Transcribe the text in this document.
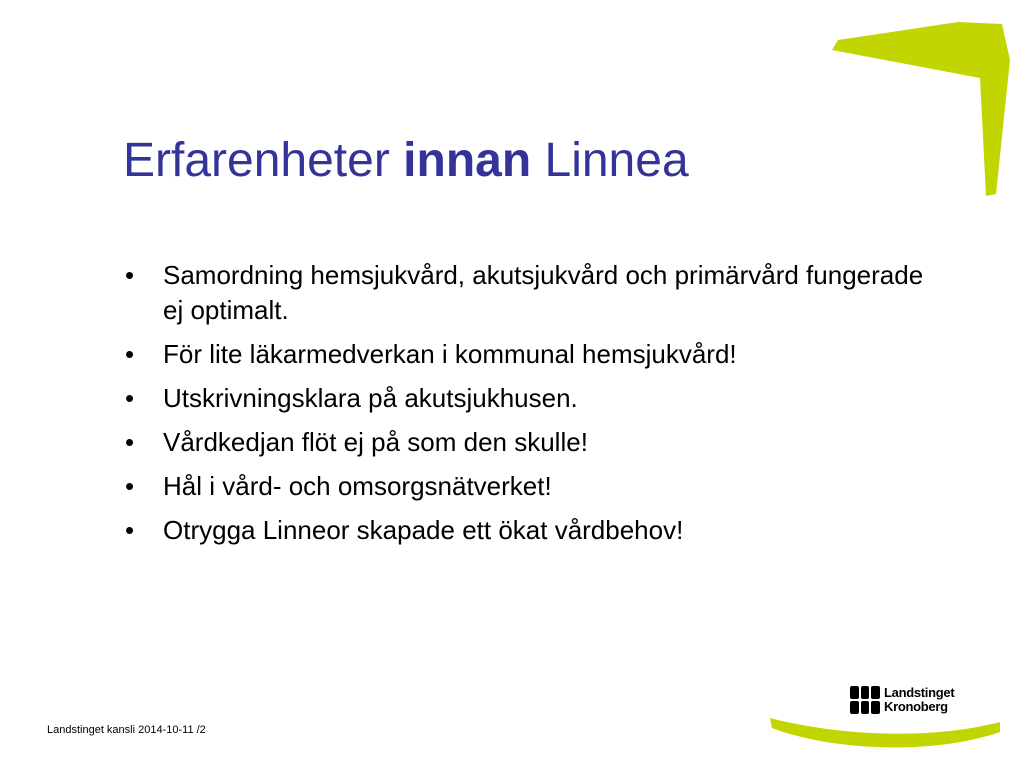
Erfarenheter innan Linnea
• Samordning hemsjukvård, akutsjukvård och primärvård fungerade ej optimalt.
• För lite läkarmedverkan i kommunal hemsjukvård!
• Utskrivningsklara på akutsjukhusen.
• Vårdkedjan flöt ej på som den skulle!
• Hål i vård- och omsorgsnätverket!
• Otrygga Linneor skapade ett ökat vårdbehov!
Landstinget
Kronoberg
Landstinget kansli 2014-10-11 /2
